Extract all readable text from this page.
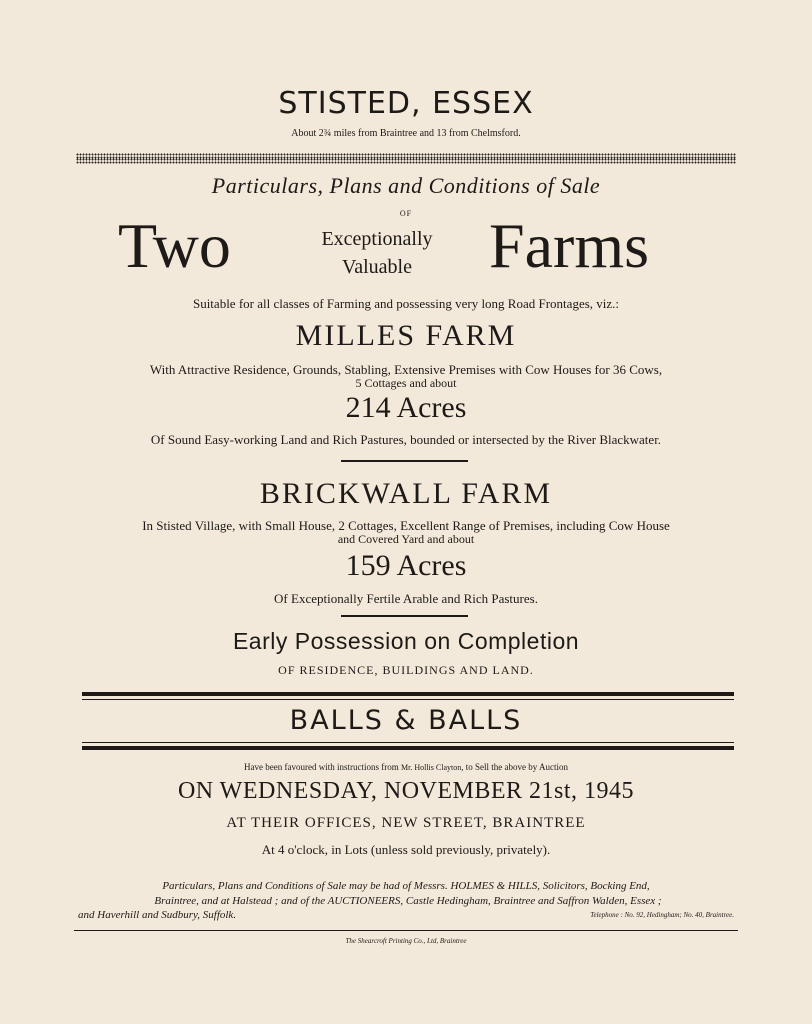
STISTED, ESSEX
About 2¾ miles from Braintree and 13 from Chelmsford.
Particulars, Plans and Conditions of Sale
OF
Two	Exceptionally
Valuable	Farms
Suitable for all classes of Farming and possessing very long Road Frontages, viz.:
MILLES FARM
With Attractive Residence, Grounds, Stabling, Extensive Premises with Cow Houses for 36 Cows,
5 Cottages and about
214 Acres
Of Sound Easy-working Land and Rich Pastures, bounded or intersected by the River Blackwater.
BRICKWALL FARM
In Stisted Village, with Small House, 2 Cottages, Excellent Range of Premises, including Cow House
and Covered Yard and about
159 Acres
Of Exceptionally Fertile Arable and Rich Pastures.
Early Possession on Completion
OF RESIDENCE, BUILDINGS AND LAND.
BALLS & BALLS
Have been favoured with instructions from Mr. Hollis Clayton, to Sell the above by Auction
ON WEDNESDAY, NOVEMBER 21st, 1945
AT THEIR OFFICES, NEW STREET, BRAINTREE
At 4 o'clock, in Lots (unless sold previously, privately).
Particulars, Plans and Conditions of Sale may be had of Messrs. HOLMES & HILLS, Solicitors, Bocking End,
Braintree, and at Halstead ; and of the AUCTIONEERS, Castle Hedingham, Braintree and Saffron Walden, Essex ;
and Haverhill and Sudbury, Suffolk.	Telephone : No. 92, Hedingham; No. 40, Braintree.
The Shearcroft Printing Co., Ltd, Braintree
